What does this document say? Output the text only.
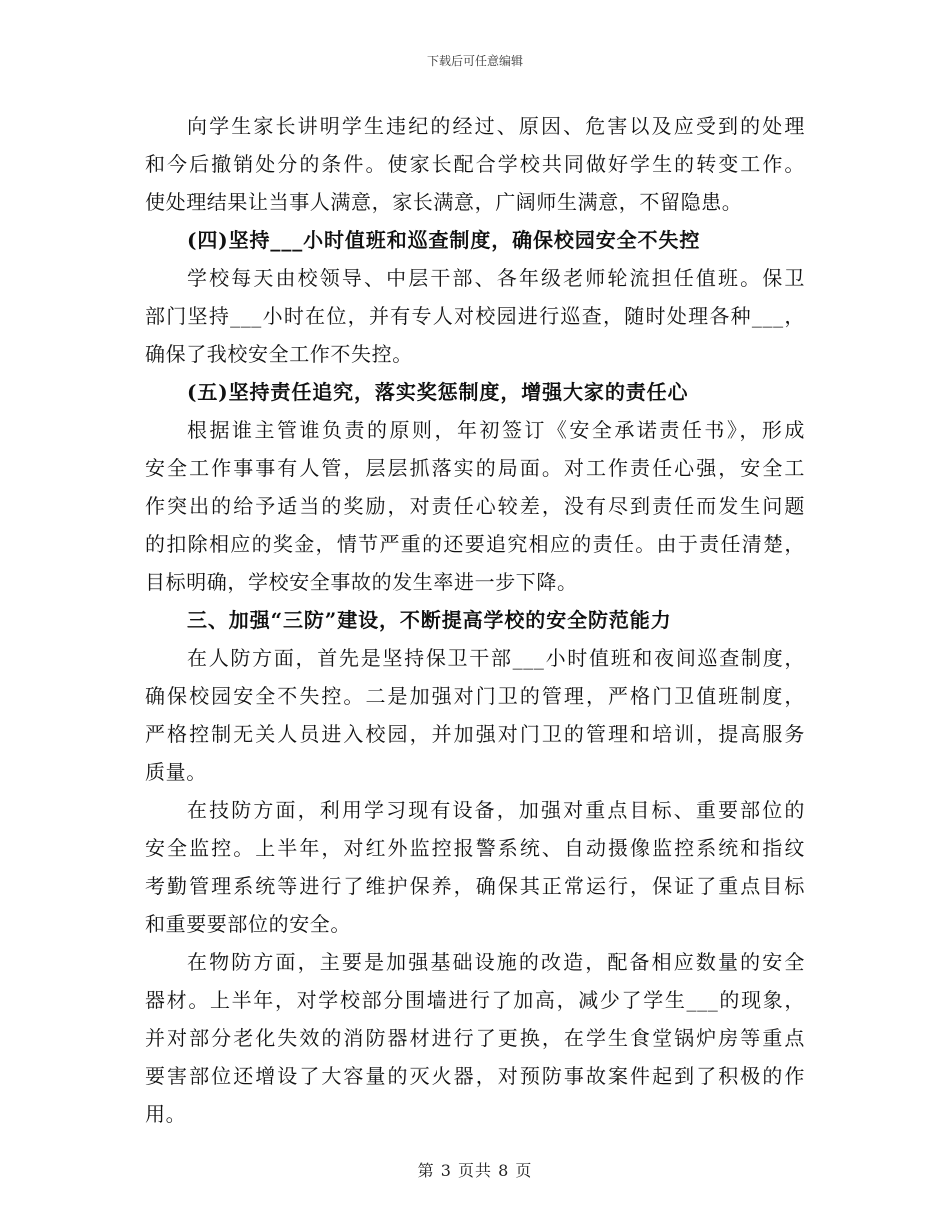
下载后可任意编辑
向学生家长讲明学生违纪的经过、原因、危害以及应受到的处理
和今后撤销处分的条件。使家长配合学校共同做好学生的转变工作。
使处理结果让当事人满意，家长满意，广阔师生满意，不留隐患。
(四)坚持___小时值班和巡查制度，确保校园安全不失控
学校每天由校领导、中层干部、各年级老师轮流担任值班。保卫
部门坚持___小时在位，并有专人对校园进行巡查，随时处理各种___，
确保了我校安全工作不失控。
(五)坚持责任追究，落实奖惩制度，增强大家的责任心
根据谁主管谁负责的原则，年初签订《安全承诺责任书》，形成
安全工作事事有人管，层层抓落实的局面。对工作责任心强，安全工
作突出的给予适当的奖励，对责任心较差，没有尽到责任而发生问题
的扣除相应的奖金，情节严重的还要追究相应的责任。由于责任清楚，
目标明确，学校安全事故的发生率进一步下降。
三、加强“三防”建设，不断提高学校的安全防范能力
在人防方面，首先是坚持保卫干部___小时值班和夜间巡查制度，
确保校园安全不失控。二是加强对门卫的管理，严格门卫值班制度，
严格控制无关人员进入校园，并加强对门卫的管理和培训，提高服务
质量。
在技防方面，利用学习现有设备，加强对重点目标、重要部位的
安全监控。上半年，对红外监控报警系统、自动摄像监控系统和指纹
考勤管理系统等进行了维护保养，确保其正常运行，保证了重点目标
和重要要部位的安全。
在物防方面，主要是加强基础设施的改造，配备相应数量的安全
器材。上半年，对学校部分围墙进行了加高，减少了学生___的现象，
并对部分老化失效的消防器材进行了更换，在学生食堂锅炉房等重点
要害部位还增设了大容量的灭火器，对预防事故案件起到了积极的作
用。
第 3 页共 8 页
